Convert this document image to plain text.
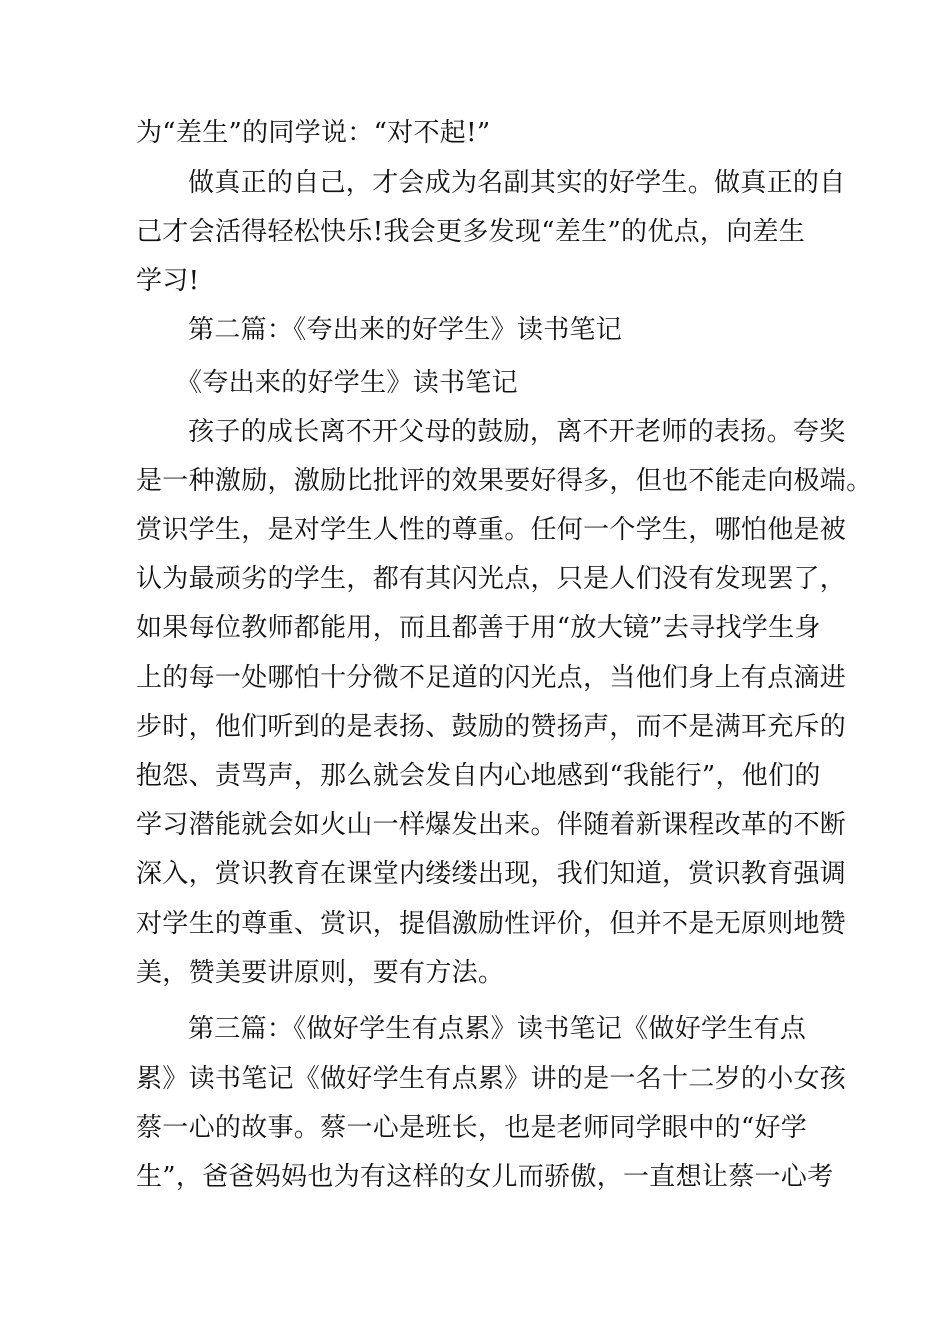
为“差生”的同学说：“对不起!”
做真正的自己，才会成为名副其实的好学生。做真正的自
己才会活得轻松快乐!我会更多发现“差生”的优点，向差生
学习!
第二篇：《夸出来的好学生》读书笔记
《夸出来的好学生》读书笔记
孩子的成长离不开父母的鼓励，离不开老师的表扬。夸奖
是一种激励，激励比批评的效果要好得多，但也不能走向极端。
赏识学生，是对学生人性的尊重。任何一个学生，哪怕他是被
认为最顽劣的学生，都有其闪光点，只是人们没有发现罢了，
如果每位教师都能用，而且都善于用“放大镜”去寻找学生身
上的每一处哪怕十分微不足道的闪光点，当他们身上有点滴进
步时，他们听到的是表扬、鼓励的赞扬声，而不是满耳充斥的
抱怨、责骂声，那么就会发自内心地感到“我能行”，他们的
学习潜能就会如火山一样爆发出来。伴随着新课程改革的不断
深入，赏识教育在课堂内缕缕出现，我们知道，赏识教育强调
对学生的尊重、赏识，提倡激励性评价，但并不是无原则地赞
美，赞美要讲原则，要有方法。
第三篇：《做好学生有点累》读书笔记《做好学生有点
累》读书笔记《做好学生有点累》讲的是一名十二岁的小女孩
蔡一心的故事。蔡一心是班长，也是老师同学眼中的“好学
生”，爸爸妈妈也为有这样的女儿而骄傲，一直想让蔡一心考
